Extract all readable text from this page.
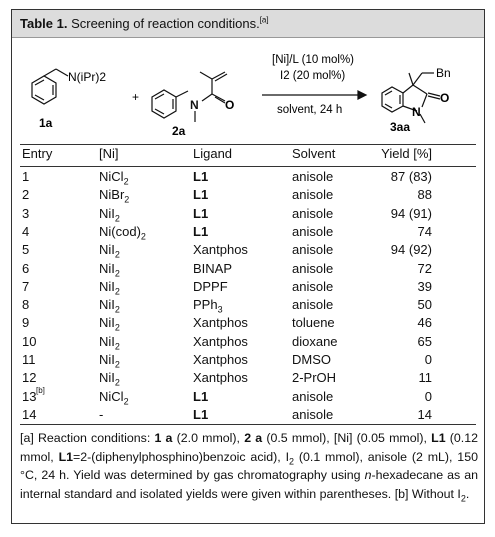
Table 1. Screening of reaction conditions.[a]
N(iPr)2
1a
+
N O
2a
[Ni]/L (10 mol%)
I2 (20 mol%)
solvent, 24 h
Bn
N
O
3aa
Entry	[Ni]	Ligand	Solvent	Yield [%]
1	NiCl$_2$	L1	anisole	87 (83)
2	NiBr$_2$	L1	anisole	88
3	NiI$_2$	L1	anisole	94 (91)
4	$Ni(cod)_2$	L1	anisole	74
5	NiI$_2$	Xantphos	anisole	94 (92)
6	NiI$_2$	BINAP	anisole	72
7	NiI$_2$	DPPF	anisole	39
8	NiI$_2$	PPh$_3$	anisole	50
9	NiI$_2$	Xantphos	toluene	46
10	NiI$_2$	Xantphos	dioxane	65
11	NiI$_2$	Xantphos	DMSO	0
12	NiI$_2$	Xantphos	2-PrOH	11
13 [b]	NiCl$_2$	L1	anisole	0
14	-	L1	anisole	14
[a] Reaction conditions: 1 a (2.0 mmol), 2 a (0.5 mmol), [Ni] (0.05 mmol), L1 (0.12 mmol, L1=2-(diphenylphosphino)benzoic acid), $I_2$ (0.1 mmol), anisole (2 mL), 150 °C, 24 h. Yield was determined by gas chromatography using n-hexadecane as an internal standard and isolated yields were given within parentheses. [b] Without $I_2$.
